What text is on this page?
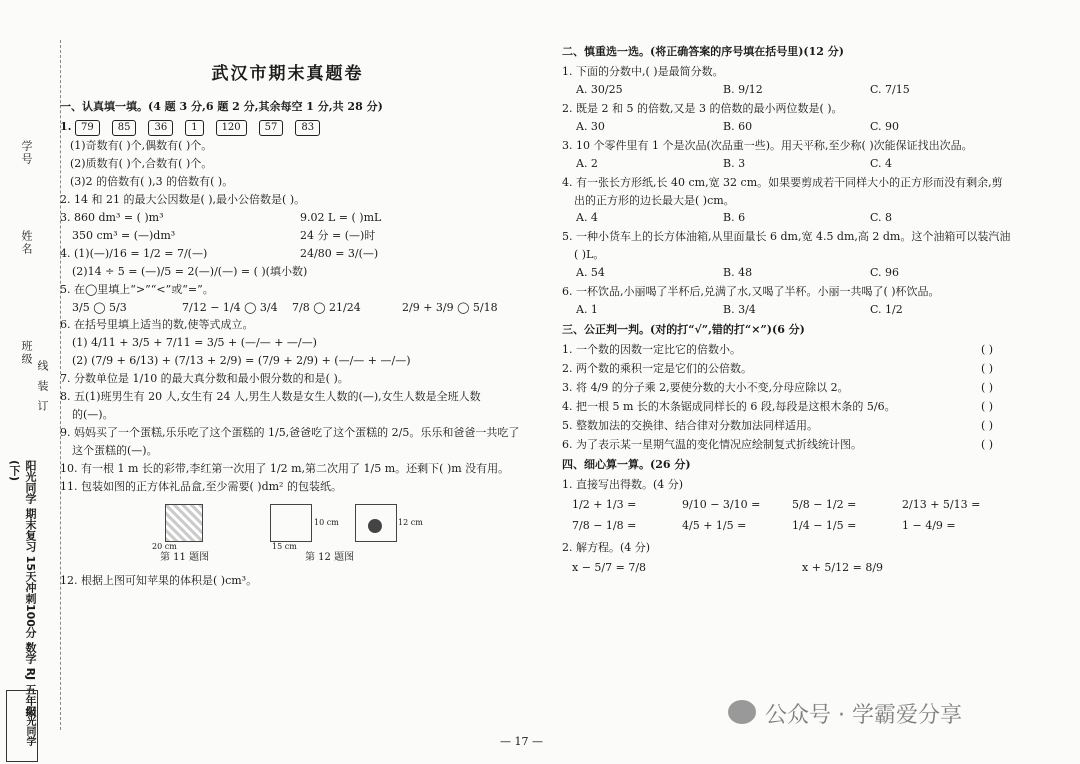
学号
姓名
班级
装
订
线
阳光同学 期末复习 15天冲刺100分 数学 RJ 五年级(下)
阳光同学
武汉市期末真题卷
一、认真填一填。(4 题 3 分,6 题 2 分,其余每空 1 分,共 28 分)
1. 79 85 36 1 120 57 83
(1)奇数有( )个,偶数有( )个。
(2)质数有( )个,合数有( )个。
(3)2 的倍数有( ),3 的倍数有( )。
2. 14 和 21 的最大公因数是( ),最小公倍数是( )。
3. 860 dm³ = ( )m³	9.02 L = ( )mL
350 cm³ = (—)dm³	24 分 = (—)时
4. (1)(—)/16 = 1/2 = 7/(—)	24/80 = 3/(—)
(2)14 ÷ 5 = (—)/5 = 2(—)/(—) = ( )(填小数)
5. 在◯里填上“>”“<”或“=”。
3/5 ◯ 5/3	7/12 − 1/4 ◯ 3/4	7/8 ◯ 21/24	2/9 + 3/9 ◯ 5/18
6. 在括号里填上适当的数,使等式成立。
(1) 4/11 + 3/5 + 7/11 = 3/5 + (—/— + —/—)
(2) (7/9 + 6/13) + (7/13 + 2/9) = (7/9 + 2/9) + (—/— + —/—)
7. 分数单位是 1/10 的最大真分数和最小假分数的和是( )。
8. 五(1)班男生有 20 人,女生有 24 人,男生人数是女生人数的(—),女生人数是全班人数
的(—)。
9. 妈妈买了一个蛋糕,乐乐吃了这个蛋糕的 1/5,爸爸吃了这个蛋糕的 2/5。乐乐和爸爸一共吃了
这个蛋糕的(—)。
10. 有一根 1 m 长的彩带,李红第一次用了 1/2 m,第二次用了 1/5 m。还剩下( )m 没有用。
11. 包装如图的正方体礼品盒,至少需要( )dm² 的包装纸。
20 cm	15 cm
10 cm	12 cm
第 11 题图	第 12 题图
12. 根据上图可知苹果的体积是( )cm³。
二、慎重选一选。(将正确答案的序号填在括号里)(12 分)
1. 下面的分数中,( )是最简分数。
A. 30/25	B. 9/12	C. 7/15
2. 既是 2 和 5 的倍数,又是 3 的倍数的最小两位数是( )。
A. 30	B. 60	C. 90
3. 10 个零件里有 1 个是次品(次品重一些)。用天平称,至少称( )次能保证找出次品。
A. 2	B. 3	C. 4
4. 有一张长方形纸,长 40 cm,宽 32 cm。如果要剪成若干同样大小的正方形而没有剩余,剪
出的正方形的边长最大是( )cm。
A. 4	B. 6	C. 8
5. 一种小货车上的长方体油箱,从里面量长 6 dm,宽 4.5 dm,高 2 dm。这个油箱可以装汽油
( )L。
A. 54	B. 48	C. 96
6. 一杯饮品,小丽喝了半杯后,兑满了水,又喝了半杯。小丽一共喝了( )杯饮品。
A. 1	B. 3/4	C. 1/2
三、公正判一判。(对的打“√”,错的打“×”)(6 分)
1. 一个数的因数一定比它的倍数小。	( )
2. 两个数的乘积一定是它们的公倍数。	( )
3. 将 4/9 的分子乘 2,要使分数的大小不变,分母应除以 2。	( )
4. 把一根 5 m 长的木条锯成同样长的 6 段,每段是这根木条的 5/6。	( )
5. 整数加法的交换律、结合律对分数加法同样适用。	( )
6. 为了表示某一星期气温的变化情况应绘制复式折线统计图。	( )
四、细心算一算。(26 分)
1. 直接写出得数。(4 分)
1/2 + 1/3 =	9/10 − 3/10 =	5/8 − 1/2 =	2/13 + 5/13 =
7/8 − 1/8 =	4/5 + 1/5 =	1/4 − 1/5 =	1 − 4/9 =
2. 解方程。(4 分)
x − 5/7 = 7/8	x + 5/12 = 8/9
— 17 —
公众号 · 学霸爱分享
